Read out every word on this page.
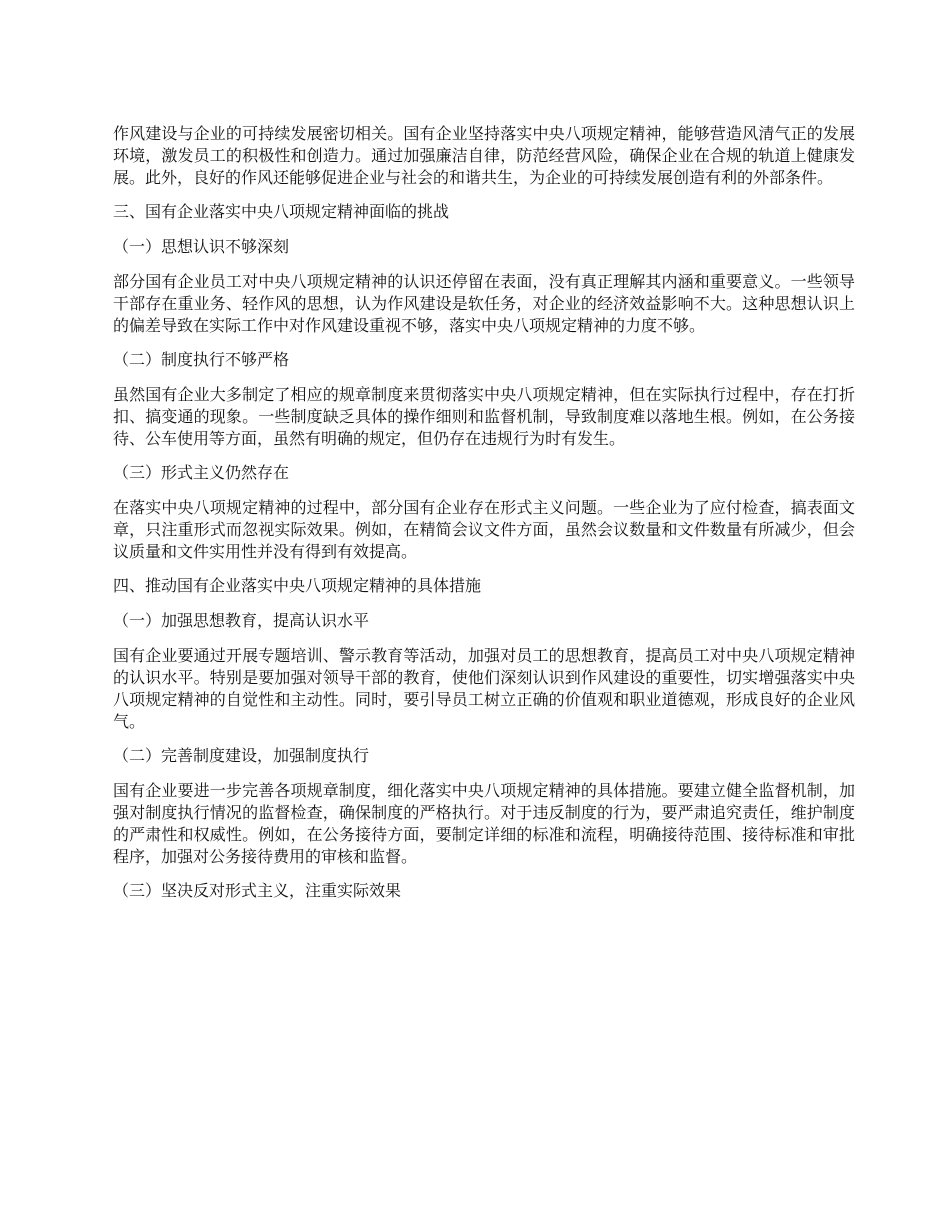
作风建设与企业的可持续发展密切相关。国有企业坚持落实中央八项规定精神，能够营造风清气正的发展环境，激发员工的积极性和创造力。通过加强廉洁自律，防范经营风险，确保企业在合规的轨道上健康发展。此外，良好的作风还能够促进企业与社会的和谐共生，为企业的可持续发展创造有利的外部条件。

三、国有企业落实中央八项规定精神面临的挑战

（一）思想认识不够深刻

部分国有企业员工对中央八项规定精神的认识还停留在表面，没有真正理解其内涵和重要意义。一些领导干部存在重业务、轻作风的思想，认为作风建设是软任务，对企业的经济效益影响不大。这种思想认识上的偏差导致在实际工作中对作风建设重视不够，落实中央八项规定精神的力度不够。

（二）制度执行不够严格

虽然国有企业大多制定了相应的规章制度来贯彻落实中央八项规定精神，但在实际执行过程中，存在打折扣、搞变通的现象。一些制度缺乏具体的操作细则和监督机制，导致制度难以落地生根。例如，在公务接待、公车使用等方面，虽然有明确的规定，但仍存在违规行为时有发生。

（三）形式主义仍然存在

在落实中央八项规定精神的过程中，部分国有企业存在形式主义问题。一些企业为了应付检查，搞表面文章，只注重形式而忽视实际效果。例如，在精简会议文件方面，虽然会议数量和文件数量有所减少，但会议质量和文件实用性并没有得到有效提高。

四、推动国有企业落实中央八项规定精神的具体措施

（一）加强思想教育，提高认识水平

国有企业要通过开展专题培训、警示教育等活动，加强对员工的思想教育，提高员工对中央八项规定精神的认识水平。特别是要加强对领导干部的教育，使他们深刻认识到作风建设的重要性，切实增强落实中央八项规定精神的自觉性和主动性。同时，要引导员工树立正确的价值观和职业道德观，形成良好的企业风气。

（二）完善制度建设，加强制度执行

国有企业要进一步完善各项规章制度，细化落实中央八项规定精神的具体措施。要建立健全监督机制，加强对制度执行情况的监督检查，确保制度的严格执行。对于违反制度的行为，要严肃追究责任，维护制度的严肃性和权威性。例如，在公务接待方面，要制定详细的标准和流程，明确接待范围、接待标准和审批程序，加强对公务接待费用的审核和监督。

（三）坚决反对形式主义，注重实际效果
